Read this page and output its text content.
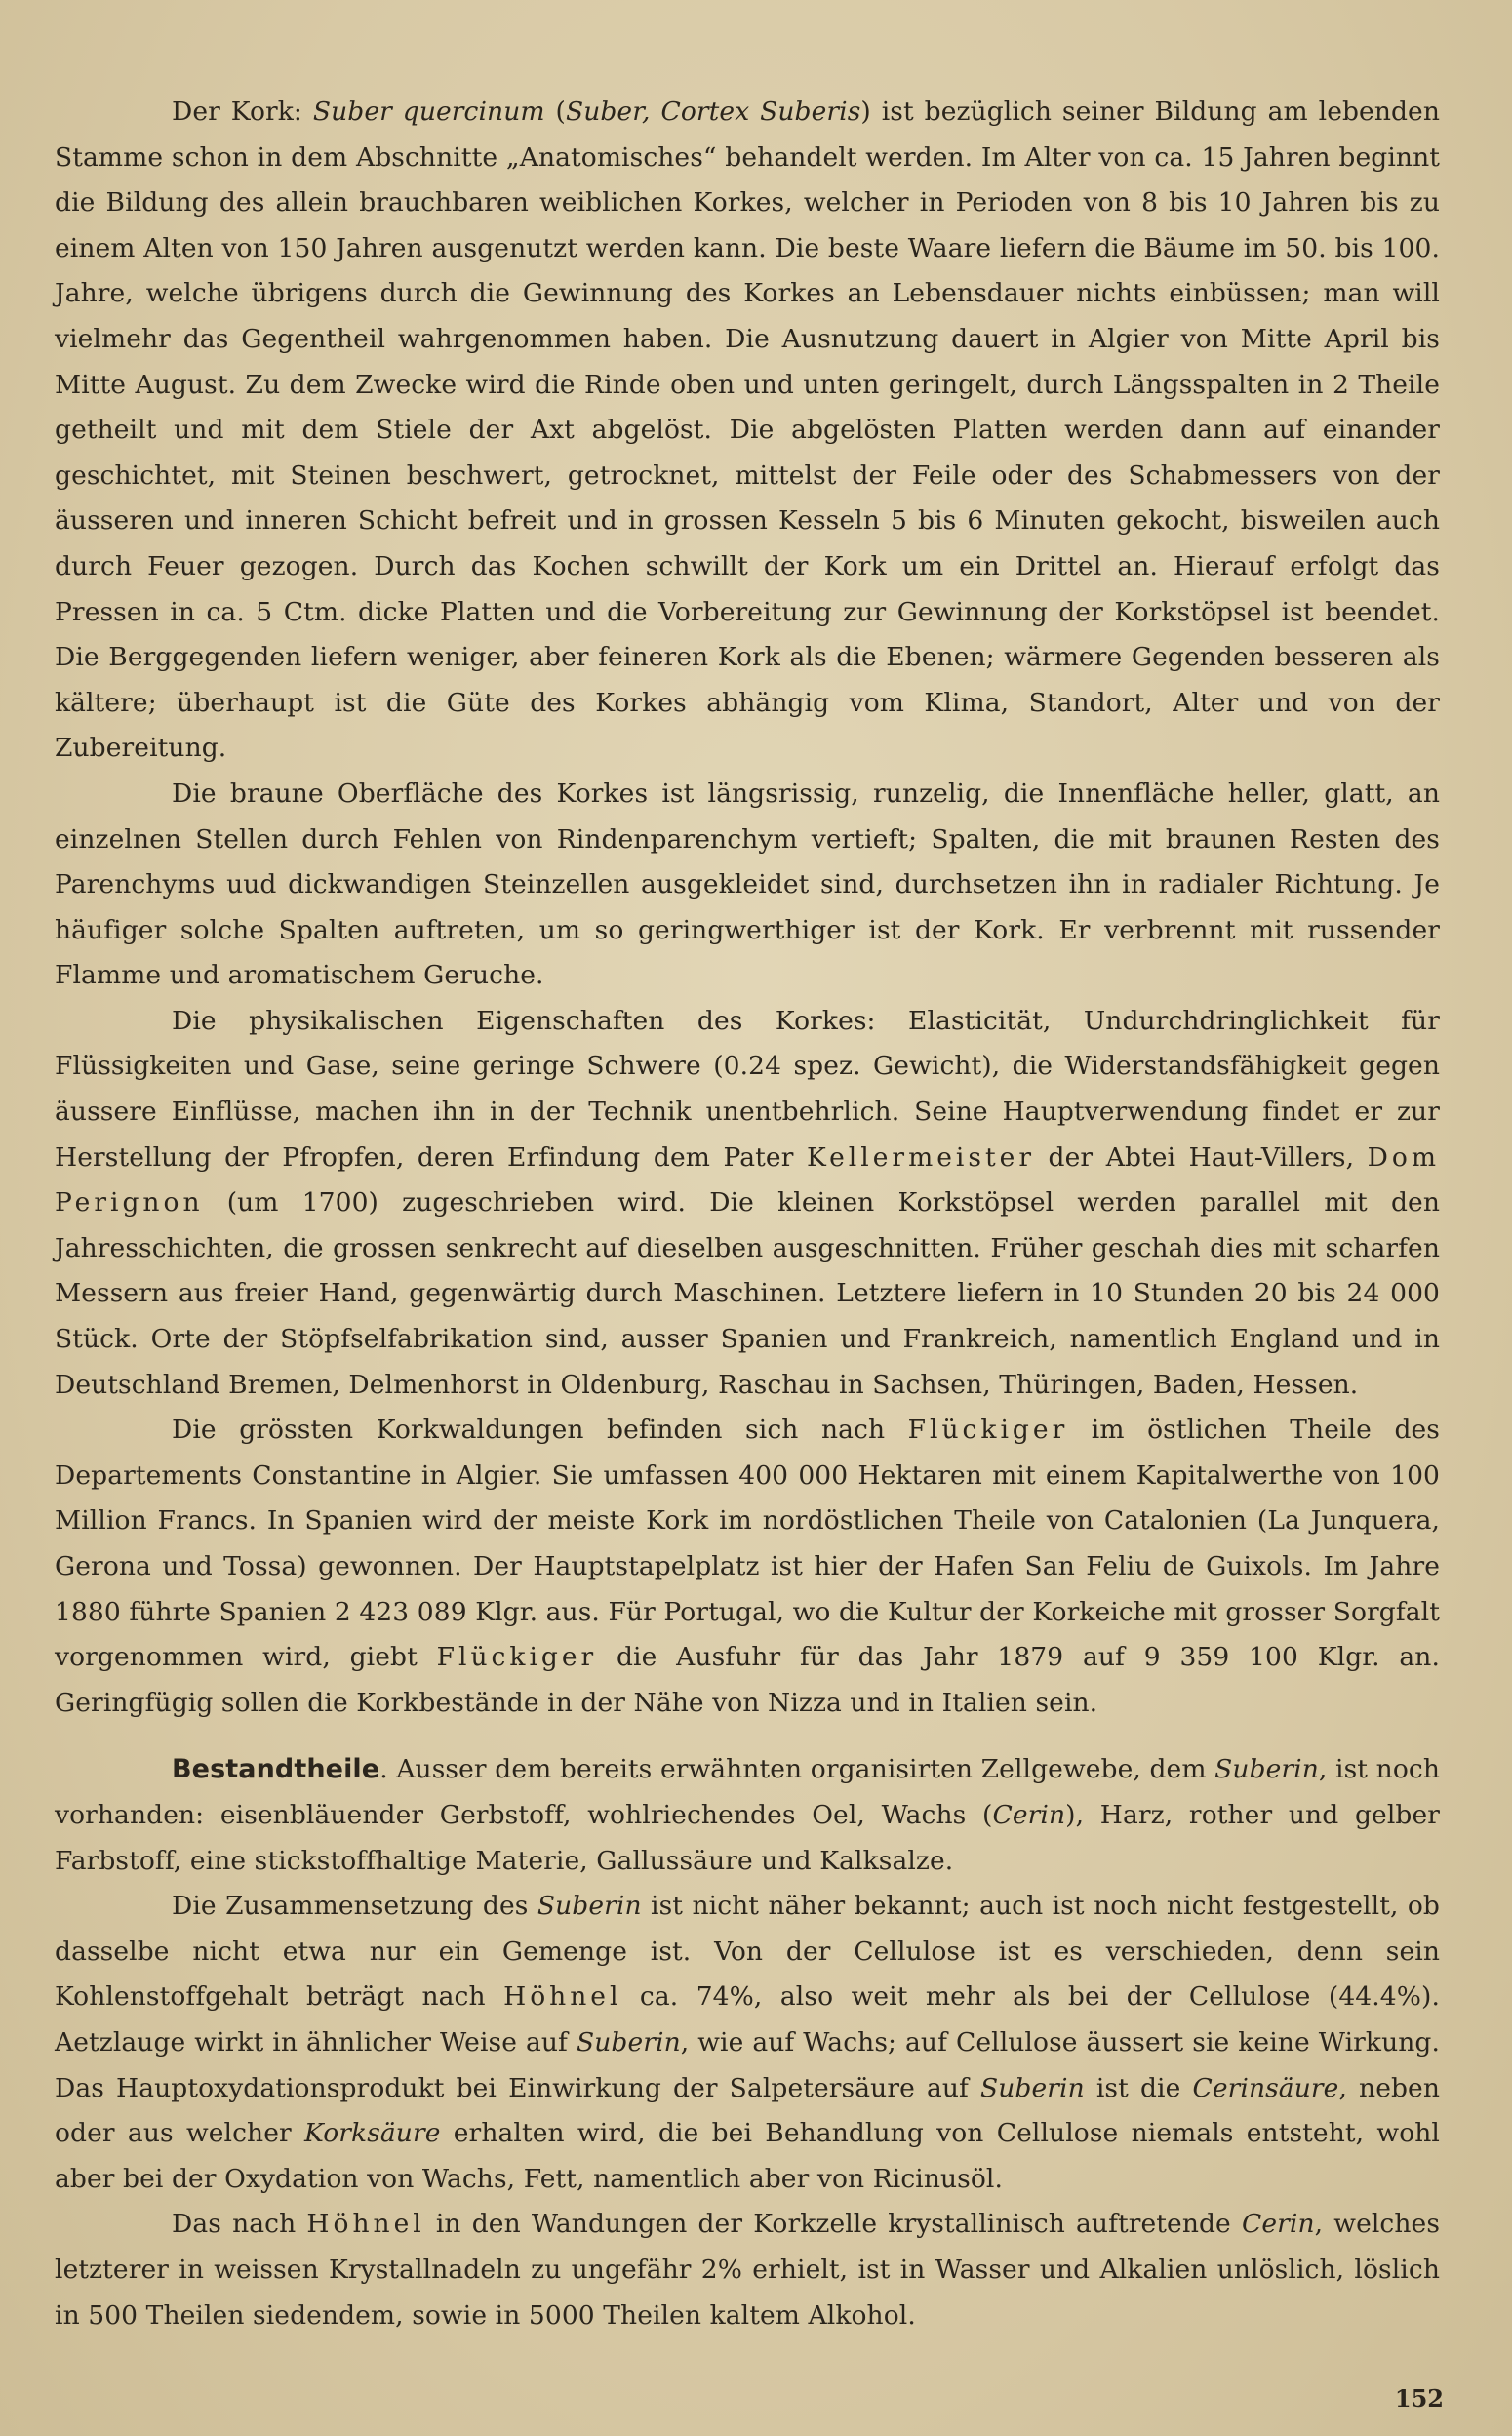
Der Kork: Suber quercinum (Suber, Cortex Suberis) ist bezüglich seiner Bildung am lebenden Stamme schon in dem Abschnitte „Anatomisches“ behandelt werden. Im Alter von ca. 15 Jahren beginnt die Bildung des allein brauchbaren weiblichen Korkes, welcher in Perioden von 8 bis 10 Jahren bis zu einem Alten von 150 Jahren ausgenutzt werden kann. Die beste Waare liefern die Bäume im 50. bis 100. Jahre, welche übrigens durch die Gewinnung des Korkes an Lebensdauer nichts einbüssen; man will vielmehr das Gegentheil wahrgenommen haben. Die Ausnutzung dauert in Algier von Mitte April bis Mitte August. Zu dem Zwecke wird die Rinde oben und unten geringelt, durch Längsspalten in 2 Theile getheilt und mit dem Stiele der Axt abgelöst. Die abgelösten Platten werden dann auf einander geschichtet, mit Steinen beschwert, getrocknet, mittelst der Feile oder des Schabmessers von der äusseren und inneren Schicht befreit und in grossen Kesseln 5 bis 6 Minuten gekocht, bisweilen auch durch Feuer gezogen. Durch das Kochen schwillt der Kork um ein Drittel an. Hierauf erfolgt das Pressen in ca. 5 Ctm. dicke Platten und die Vorbereitung zur Gewinnung der Korkstöpsel ist beendet. Die Berggegenden liefern weniger, aber feineren Kork als die Ebenen; wärmere Gegenden besseren als kältere; überhaupt ist die Güte des Korkes abhängig vom Klima, Standort, Alter und von der Zubereitung.

Die braune Oberfläche des Korkes ist längsrissig, runzelig, die Innenfläche heller, glatt, an einzelnen Stellen durch Fehlen von Rindenparenchym vertieft; Spalten, die mit braunen Resten des Parenchyms uud dickwandigen Steinzellen ausgekleidet sind, durchsetzen ihn in radialer Richtung. Je häufiger solche Spalten auftreten, um so geringwerthiger ist der Kork. Er verbrennt mit russender Flamme und aromatischem Geruche.

Die physikalischen Eigenschaften des Korkes: Elasticität, Undurchdringlichkeit für Flüssigkeiten und Gase, seine geringe Schwere (0.24 spez. Gewicht), die Widerstandsfähigkeit gegen äussere Einflüsse, machen ihn in der Technik unentbehrlich. Seine Hauptverwendung findet er zur Herstellung der Pfropfen, deren Erfindung dem Pater Kellermeister der Abtei Haut-Villers, Dom Perignon (um 1700) zugeschrieben wird. Die kleinen Korkstöpsel werden parallel mit den Jahresschichten, die grossen senkrecht auf dieselben ausgeschnitten. Früher geschah dies mit scharfen Messern aus freier Hand, gegenwärtig durch Maschinen. Letztere liefern in 10 Stunden 20 bis 24 000 Stück. Orte der Stöpfselfabrikation sind, ausser Spanien und Frankreich, namentlich England und in Deutschland Bremen, Delmenhorst in Oldenburg, Raschau in Sachsen, Thüringen, Baden, Hessen.

Die grössten Korkwaldungen befinden sich nach Flückiger im östlichen Theile des Departements Constantine in Algier. Sie umfassen 400 000 Hektaren mit einem Kapitalwerthe von 100 Million Francs. In Spanien wird der meiste Kork im nordöstlichen Theile von Catalonien (La Junquera, Gerona und Tossa) gewonnen. Der Hauptstapelplatz ist hier der Hafen San Feliu de Guixols. Im Jahre 1880 führte Spanien 2 423 089 Klgr. aus. Für Portugal, wo die Kultur der Korkeiche mit grosser Sorgfalt vorgenommen wird, giebt Flückiger die Ausfuhr für das Jahr 1879 auf 9 359 100 Klgr. an. Geringfügig sollen die Korkbestände in der Nähe von Nizza und in Italien sein.

Bestandtheile. Ausser dem bereits erwähnten organisirten Zellgewebe, dem Suberin, ist noch vorhanden: eisenbläuender Gerbstoff, wohlriechendes Oel, Wachs (Cerin), Harz, rother und gelber Farbstoff, eine stickstoffhaltige Materie, Gallussäure und Kalksalze.

Die Zusammensetzung des Suberin ist nicht näher bekannt; auch ist noch nicht festgestellt, ob dasselbe nicht etwa nur ein Gemenge ist. Von der Cellulose ist es verschieden, denn sein Kohlenstoffgehalt beträgt nach Höhnel ca. 74%, also weit mehr als bei der Cellulose (44.4%). Aetzlauge wirkt in ähnlicher Weise auf Suberin, wie auf Wachs; auf Cellulose äussert sie keine Wirkung. Das Hauptoxydationsprodukt bei Einwirkung der Salpetersäure auf Suberin ist die Cerinsäure, neben oder aus welcher Korksäure erhalten wird, die bei Behandlung von Cellulose niemals entsteht, wohl aber bei der Oxydation von Wachs, Fett, namentlich aber von Ricinusöl.

Das nach Höhnel in den Wandungen der Korkzelle krystallinisch auftretende Cerin, welches letzterer in weissen Krystallnadeln zu ungefähr 2% erhielt, ist in Wasser und Alkalien unlöslich, löslich in 500 Theilen siedendem, sowie in 5000 Theilen kaltem Alkohol.

152
